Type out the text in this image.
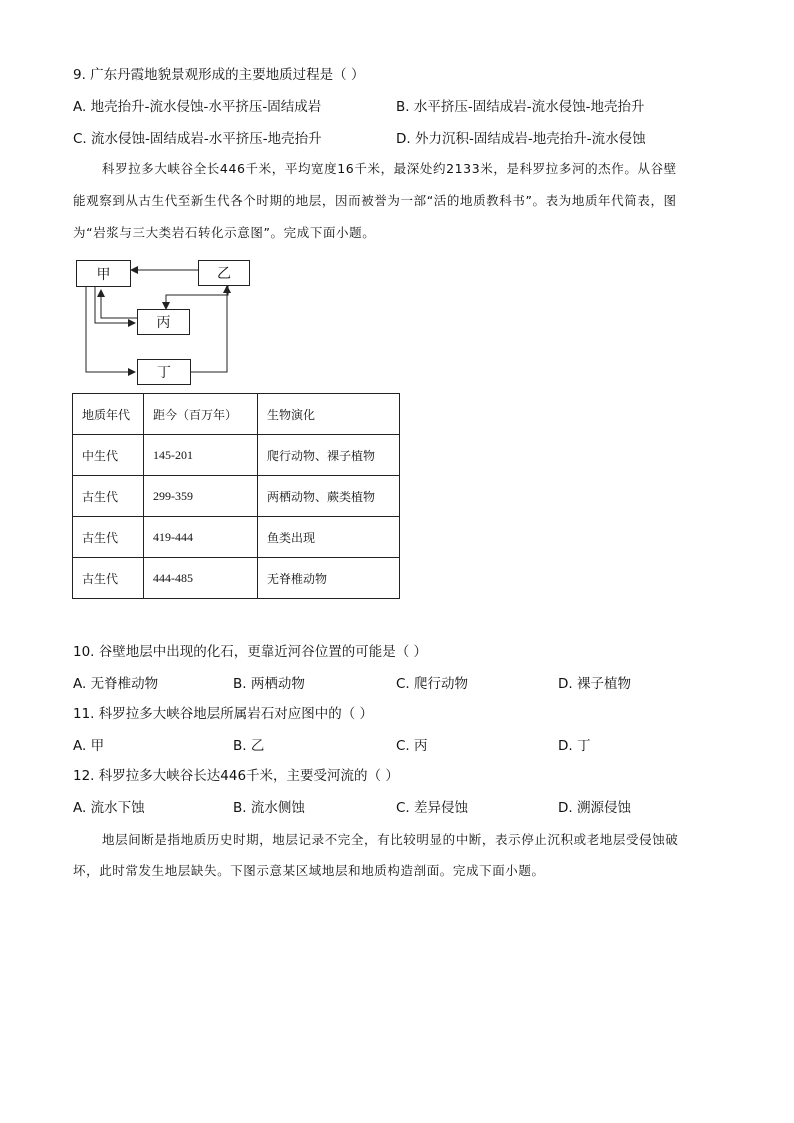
9. 广东丹霞地貌景观形成的主要地质过程是（ ）
A. 地壳抬升-流水侵蚀-水平挤压-固结成岩	B. 水平挤压-固结成岩-流水侵蚀-地壳抬升
C. 流水侵蚀-固结成岩-水平挤压-地壳抬升	D. 外力沉积-固结成岩-地壳抬升-流水侵蚀
科罗拉多大峡谷全长446千米，平均宽度16千米，最深处约2133米，是科罗拉多河的杰作。从谷壁
能观察到从古生代至新生代各个时期的地层，因而被誉为一部“活的地质教科书”。表为地质年代简表，图
为“岩浆与三大类岩石转化示意图”。完成下面小题。
甲	乙
丙
丁
地质年代	距今（百万年）	生物演化
中生代	145-201	爬行动物、裸子植物
古生代	299-359	两栖动物、蕨类植物
古生代	419-444	鱼类出现
古生代	444-485	无脊椎动物
10. 谷壁地层中出现的化石，更靠近河谷位置的可能是（ ）
A. 无脊椎动物	B. 两栖动物	C. 爬行动物	D. 裸子植物
11. 科罗拉多大峡谷地层所属岩石对应图中的（ ）
A. 甲	B. 乙	C. 丙	D. 丁
12. 科罗拉多大峡谷长达446千米，主要受河流的（ ）
A. 流水下蚀	B. 流水侧蚀	C. 差异侵蚀	D. 溯源侵蚀
地层间断是指地质历史时期，地层记录不完全，有比较明显的中断，表示停止沉积或老地层受侵蚀破
坏，此时常发生地层缺失。下图示意某区域地层和地质构造剖面。完成下面小题。
